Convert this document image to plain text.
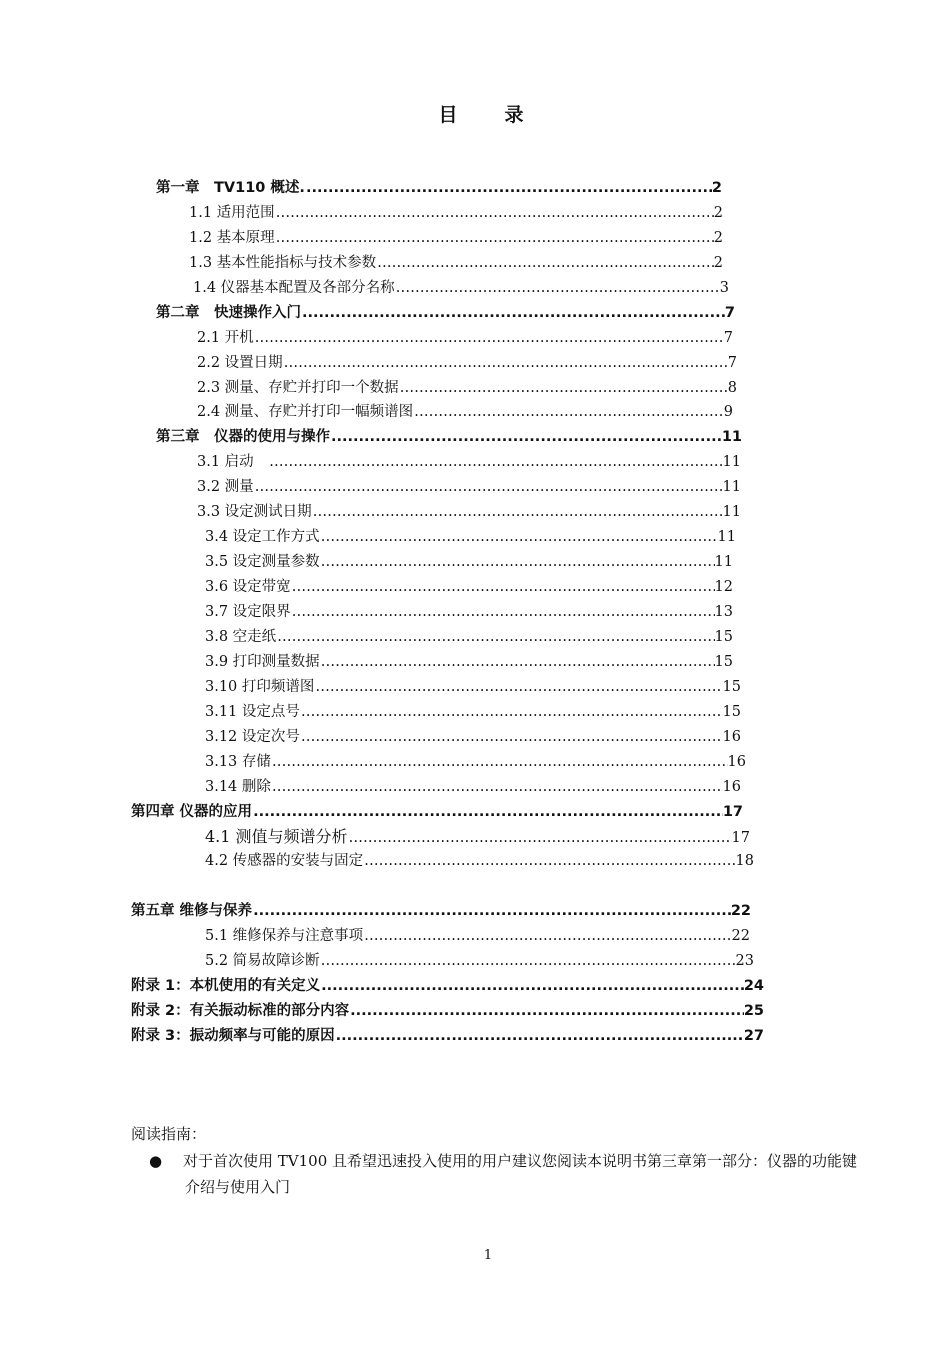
目　录
第一章　TV110 概述. .....	2
1.1 适用范围 …………………………………………………………………………………………………………………………………………………………………	2
1.2 基本原理 …………………………………………………………………………………………………………………………………………………………………	2
1.3 基本性能指标与技术参数 …………………………………………………………………………………………………………………………………………………………………	2
1.4 仪器基本配置及各部分名称 …………………………………………………………………………………………………………………………………………………………………	3
第二章　快速操作入门 .....	7
2.1 开机 …………………………………………………………………………………………………………………………………………………………………	7
2.2 设置日期 …………………………………………………………………………………………………………………………………………………………………	7
2.3 测量、存贮并打印一个数据 …………………………………………………………………………………………………………………………………………………………………	8
2.4 测量、存贮并打印一幅频谱图 …………………………………………………………………………………………………………………………………………………………………	9
第三章　仪器的使用与操作 .....	11
3.1 启动　 …………………………………………………………………………………………………………………………………………………………………	11
3.2 测量 …………………………………………………………………………………………………………………………………………………………………	11
3.3 设定测试日期 …………………………………………………………………………………………………………………………………………………………………	11
3.4 设定工作方式 …………………………………………………………………………………………………………………………………………………………………	11
3.5 设定测量参数 …………………………………………………………………………………………………………………………………………………………………	11
3.6 设定带宽 …………………………………………………………………………………………………………………………………………………………………	12
3.7 设定限界 …………………………………………………………………………………………………………………………………………………………………	13
3.8 空走纸 …………………………………………………………………………………………………………………………………………………………………	15
3.9 打印测量数据 …………………………………………………………………………………………………………………………………………………………………	15
3.10 打印频谱图 …………………………………………………………………………………………………………………………………………………………………	15
3.11 设定点号 …………………………………………………………………………………………………………………………………………………………………	15
3.12 设定次号 …………………………………………………………………………………………………………………………………………………………………	16
3.13 存储 …………………………………………………………………………………………………………………………………………………………………	16
3.14 删除 …………………………………………………………………………………………………………………………………………………………………	16
第四章 仪器的应用 .....	17
4.1 测值与频谱分析 …………………………………………………………………………………………………………………………………………………………………	17
4.2 传感器的安装与固定 …………………………………………………………………………………………………………………………………………………………………	18
第五章 维修与保养 .....	22
5.1 维修保养与注意事项 …………………………………………………………………………………………………………………………………………………………………	22
5.2 简易故障诊断 …………………………………………………………………………………………………………………………………………………………………	23
附录 1：本机使用的有关定义 .....	24
附录 2：有关振动标准的部分内容 .....	25
附录 3：振动频率与可能的原因 .....	27
阅读指南：
● 对于首次使用 TV100 且希望迅速投入使用的用户建议您阅读本说明书第三章第一部分：仪器的功能键介绍与使用入门
1
